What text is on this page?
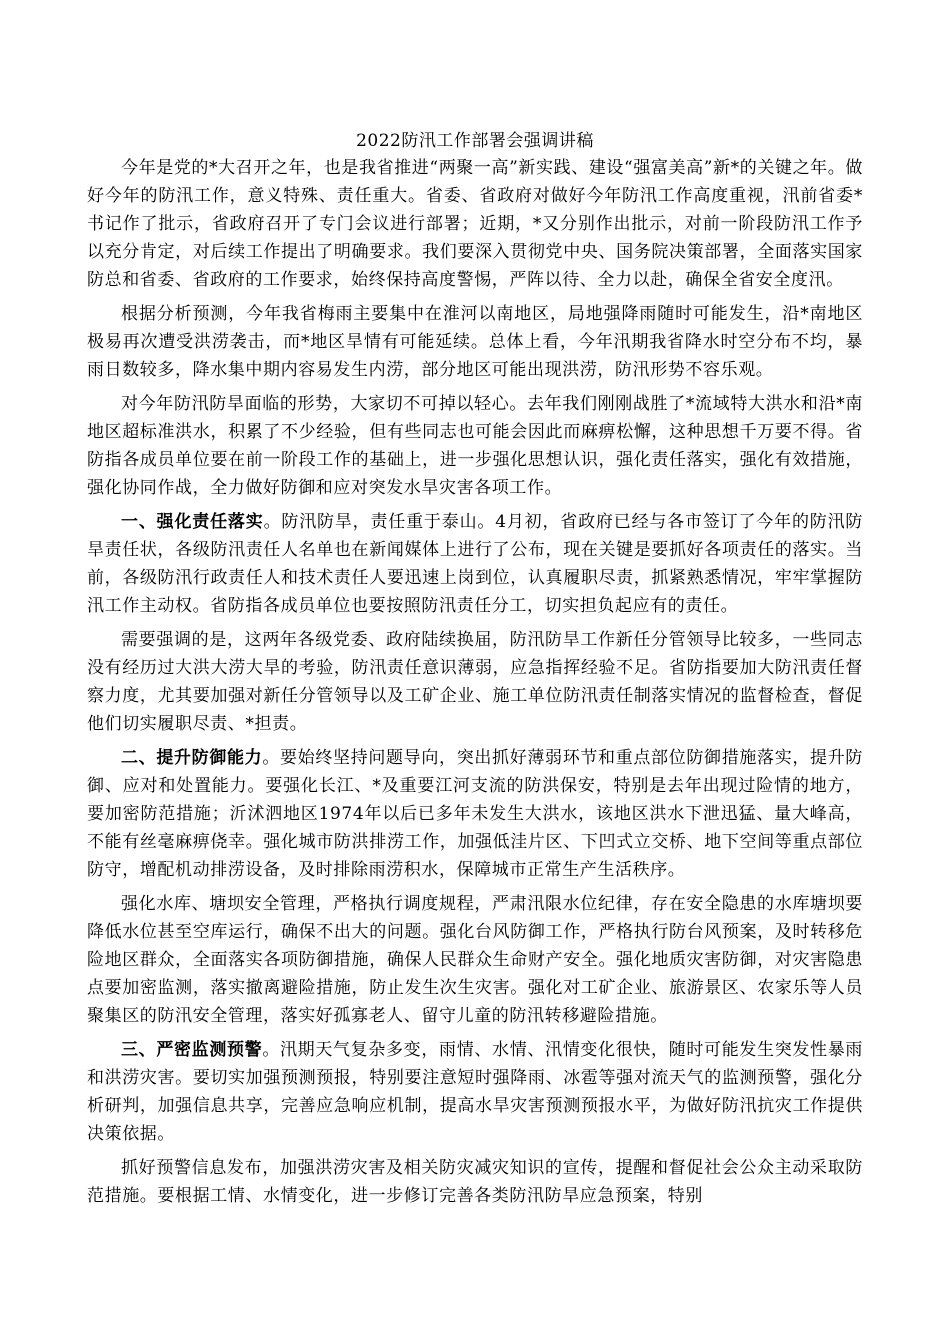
2022防汛工作部署会强调讲稿

今年是党的*大召开之年，也是我省推进“两聚一高”新实践、建设“强富美高”新*的关键之年。做好今年的防汛工作，意义特殊、责任重大。省委、省政府对做好今年防汛工作高度重视，汛前省委*书记作了批示，省政府召开了专门会议进行部署；近期，*又分别作出批示，对前一阶段防汛工作予以充分肯定，对后续工作提出了明确要求。我们要深入贯彻党中央、国务院决策部署，全面落实国家防总和省委、省政府的工作要求，始终保持高度警惕，严阵以待、全力以赴，确保全省安全度汛。

根据分析预测，今年我省梅雨主要集中在淮河以南地区，局地强降雨随时可能发生，沿*南地区极易再次遭受洪涝袭击，而*地区旱情有可能延续。总体上看，今年汛期我省降水时空分布不均，暴雨日数较多，降水集中期内容易发生内涝，部分地区可能出现洪涝，防汛形势不容乐观。

对今年防汛防旱面临的形势，大家切不可掉以轻心。去年我们刚刚战胜了*流域特大洪水和沿*南地区超标准洪水，积累了不少经验，但有些同志也可能会因此而麻痹松懈，这种思想千万要不得。省防指各成员单位要在前一阶段工作的基础上，进一步强化思想认识，强化责任落实，强化有效措施，强化协同作战，全力做好防御和应对突发水旱灾害各项工作。

一、强化责任落实。防汛防旱，责任重于泰山。4月初，省政府已经与各市签订了今年的防汛防旱责任状，各级防汛责任人名单也在新闻媒体上进行了公布，现在关键是要抓好各项责任的落实。当前，各级防汛行政责任人和技术责任人要迅速上岗到位，认真履职尽责，抓紧熟悉情况，牢牢掌握防汛工作主动权。省防指各成员单位也要按照防汛责任分工，切实担负起应有的责任。

需要强调的是，这两年各级党委、政府陆续换届，防汛防旱工作新任分管领导比较多，一些同志没有经历过大洪大涝大旱的考验，防汛责任意识薄弱，应急指挥经验不足。省防指要加大防汛责任督察力度，尤其要加强对新任分管领导以及工矿企业、施工单位防汛责任制落实情况的监督检查，督促他们切实履职尽责、*担责。

二、提升防御能力。要始终坚持问题导向，突出抓好薄弱环节和重点部位防御措施落实，提升防御、应对和处置能力。要强化长江、*及重要江河支流的防洪保安，特别是去年出现过险情的地方，要加密防范措施；沂沭泗地区1974年以后已多年未发生大洪水，该地区洪水下泄迅猛、量大峰高，不能有丝毫麻痹侥幸。强化城市防洪排涝工作，加强低洼片区、下凹式立交桥、地下空间等重点部位防守，增配机动排涝设备，及时排除雨涝积水，保障城市正常生产生活秩序。

强化水库、塘坝安全管理，严格执行调度规程，严肃汛限水位纪律，存在安全隐患的水库塘坝要降低水位甚至空库运行，确保不出大的问题。强化台风防御工作，严格执行防台风预案，及时转移危险地区群众，全面落实各项防御措施，确保人民群众生命财产安全。强化地质灾害防御，对灾害隐患点要加密监测，落实撤离避险措施，防止发生次生灾害。强化对工矿企业、旅游景区、农家乐等人员聚集区的防汛安全管理，落实好孤寡老人、留守儿童的防汛转移避险措施。

三、严密监测预警。汛期天气复杂多变，雨情、水情、汛情变化很快，随时可能发生突发性暴雨和洪涝灾害。要切实加强预测预报，特别要注意短时强降雨、冰雹等强对流天气的监测预警，强化分析研判，加强信息共享，完善应急响应机制，提高水旱灾害预测预报水平，为做好防汛抗灾工作提供决策依据。

抓好预警信息发布，加强洪涝灾害及相关防灾减灾知识的宣传，提醒和督促社会公众主动采取防范措施。要根据工情、水情变化，进一步修订完善各类防汛防旱应急预案，特别
